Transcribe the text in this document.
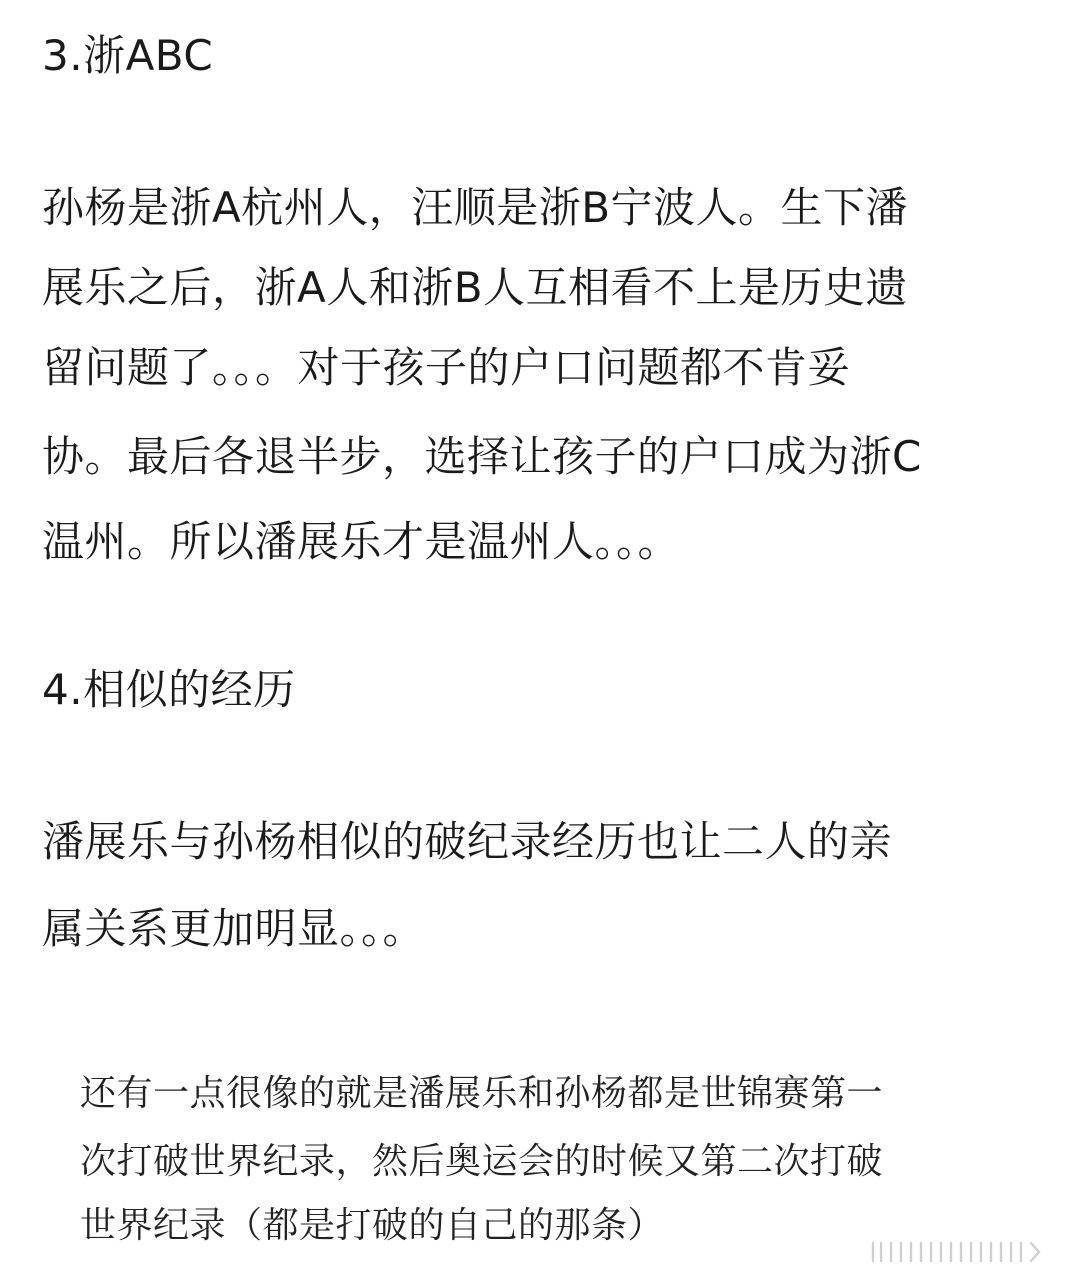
3.浙ABC
孙杨是浙A杭州人，汪顺是浙B宁波人。生下潘
展乐之后，浙A人和浙B人互相看不上是历史遗
留问题了。。。对于孩子的户口问题都不肯妥
协。最后各退半步，选择让孩子的户口成为浙C
温州。所以潘展乐才是温州人。。。
4.相似的经历
潘展乐与孙杨相似的破纪录经历也让二人的亲
属关系更加明显。。。
还有一点很像的就是潘展乐和孙杨都是世锦赛第一
次打破世界纪录，然后奥运会的时候又第二次打破
世界纪录（都是打破的自己的那条）
